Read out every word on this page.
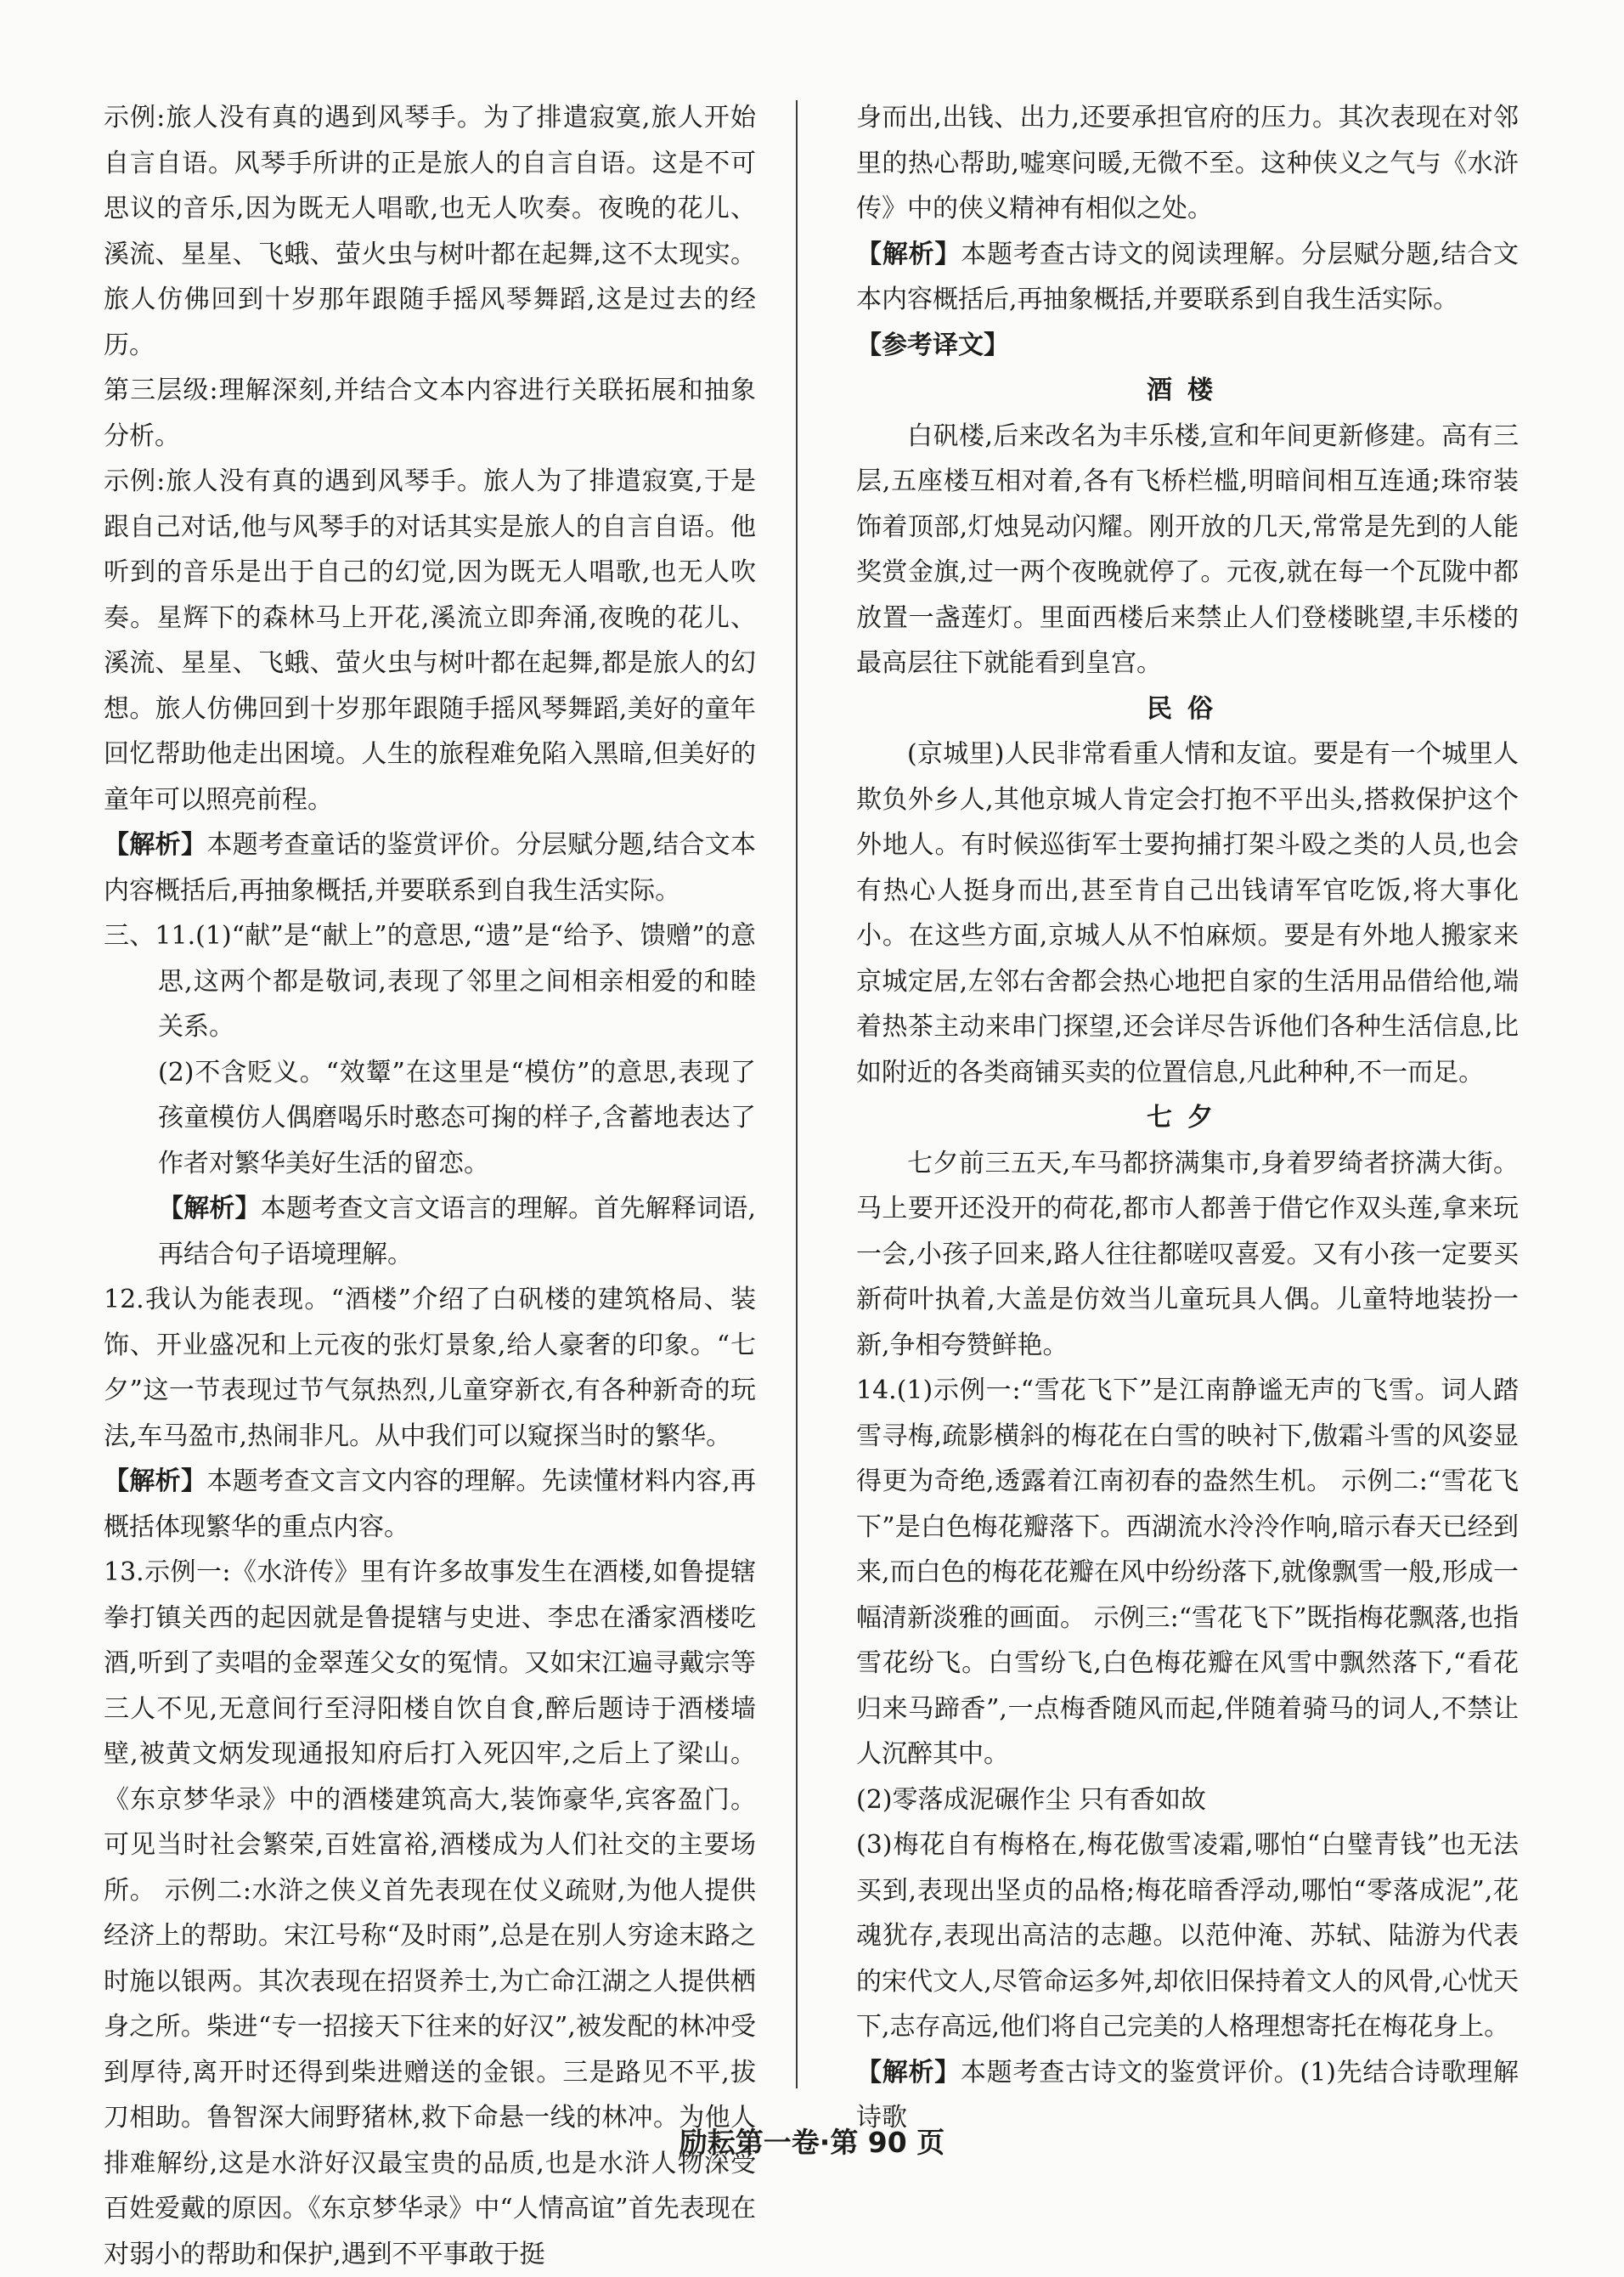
示例:旅人没有真的遇到风琴手。为了排遣寂寞,旅人开始自言自语。风琴手所讲的正是旅人的自言自语。这是不可思议的音乐,因为既无人唱歌,也无人吹奏。夜晚的花儿、溪流、星星、飞蛾、萤火虫与树叶都在起舞,这不太现实。旅人仿佛回到十岁那年跟随手摇风琴舞蹈,这是过去的经历。

第三层级:理解深刻,并结合文本内容进行关联拓展和抽象分析。

示例:旅人没有真的遇到风琴手。旅人为了排遣寂寞,于是跟自己对话,他与风琴手的对话其实是旅人的自言自语。他听到的音乐是出于自己的幻觉,因为既无人唱歌,也无人吹奏。星辉下的森林马上开花,溪流立即奔涌,夜晚的花儿、溪流、星星、飞蛾、萤火虫与树叶都在起舞,都是旅人的幻想。旅人仿佛回到十岁那年跟随手摇风琴舞蹈,美好的童年回忆帮助他走出困境。人生的旅程难免陷入黑暗,但美好的童年可以照亮前程。

【解析】本题考查童话的鉴赏评价。分层赋分题,结合文本内容概括后,再抽象概括,并要联系到自我生活实际。

三、11.(1)“献”是“献上”的意思,“遗”是“给予、馈赠”的意思,这两个都是敬词,表现了邻里之间相亲相爱的和睦关系。

(2)不含贬义。“效颦”在这里是“模仿”的意思,表现了孩童模仿人偶磨喝乐时憨态可掬的样子,含蓄地表达了作者对繁华美好生活的留恋。

【解析】本题考查文言文语言的理解。首先解释词语,再结合句子语境理解。

12.我认为能表现。“酒楼”介绍了白矾楼的建筑格局、装饰、开业盛况和上元夜的张灯景象,给人豪奢的印象。“七夕”这一节表现过节气氛热烈,儿童穿新衣,有各种新奇的玩法,车马盈市,热闹非凡。从中我们可以窥探当时的繁华。

【解析】本题考查文言文内容的理解。先读懂材料内容,再概括体现繁华的重点内容。

13.示例一:《水浒传》里有许多故事发生在酒楼,如鲁提辖拳打镇关西的起因就是鲁提辖与史进、李忠在潘家酒楼吃酒,听到了卖唱的金翠莲父女的冤情。又如宋江遍寻戴宗等三人不见,无意间行至浔阳楼自饮自食,醉后题诗于酒楼墙壁,被黄文炳发现通报知府后打入死囚牢,之后上了梁山。《东京梦华录》中的酒楼建筑高大,装饰豪华,宾客盈门。可见当时社会繁荣,百姓富裕,酒楼成为人们社交的主要场所。 示例二:水浒之侠义首先表现在仗义疏财,为他人提供经济上的帮助。宋江号称“及时雨”,总是在别人穷途末路之时施以银两。其次表现在招贤养士,为亡命江湖之人提供栖身之所。柴进“专一招接天下往来的好汉”,被发配的林冲受到厚待,离开时还得到柴进赠送的金银。三是路见不平,拔刀相助。鲁智深大闹野猪林,救下命悬一线的林冲。为他人排难解纷,这是水浒好汉最宝贵的品质,也是水浒人物深受百姓爱戴的原因。《东京梦华录》中“人情高谊”首先表现在对弱小的帮助和保护,遇到不平事敢于挺

身而出,出钱、出力,还要承担官府的压力。其次表现在对邻里的热心帮助,嘘寒问暖,无微不至。这种侠义之气与《水浒传》中的侠义精神有相似之处。

【解析】本题考查古诗文的阅读理解。分层赋分题,结合文本内容概括后,再抽象概括,并要联系到自我生活实际。

【参考译文】

酒楼

白矾楼,后来改名为丰乐楼,宣和年间更新修建。高有三层,五座楼互相对着,各有飞桥栏槛,明暗间相互连通;珠帘装饰着顶部,灯烛晃动闪耀。刚开放的几天,常常是先到的人能奖赏金旗,过一两个夜晚就停了。元夜,就在每一个瓦陇中都放置一盏莲灯。里面西楼后来禁止人们登楼眺望,丰乐楼的最高层往下就能看到皇宫。

民俗

(京城里)人民非常看重人情和友谊。要是有一个城里人欺负外乡人,其他京城人肯定会打抱不平出头,搭救保护这个外地人。有时候巡街军士要拘捕打架斗殴之类的人员,也会有热心人挺身而出,甚至肯自己出钱请军官吃饭,将大事化小。在这些方面,京城人从不怕麻烦。要是有外地人搬家来京城定居,左邻右舍都会热心地把自家的生活用品借给他,端着热茶主动来串门探望,还会详尽告诉他们各种生活信息,比如附近的各类商铺买卖的位置信息,凡此种种,不一而足。

七夕

七夕前三五天,车马都挤满集市,身着罗绮者挤满大街。马上要开还没开的荷花,都市人都善于借它作双头莲,拿来玩一会,小孩子回来,路人往往都嗟叹喜爱。又有小孩一定要买新荷叶执着,大盖是仿效当儿童玩具人偶。儿童特地装扮一新,争相夸赞鲜艳。

14.(1)示例一:“雪花飞下”是江南静谧无声的飞雪。词人踏雪寻梅,疏影横斜的梅花在白雪的映衬下,傲霜斗雪的风姿显得更为奇绝,透露着江南初春的盎然生机。 示例二:“雪花飞下”是白色梅花瓣落下。西湖流水泠泠作响,暗示春天已经到来,而白色的梅花花瓣在风中纷纷落下,就像飘雪一般,形成一幅清新淡雅的画面。 示例三:“雪花飞下”既指梅花飘落,也指雪花纷飞。白雪纷飞,白色梅花瓣在风雪中飘然落下,“看花归来马蹄香”,一点梅香随风而起,伴随着骑马的词人,不禁让人沉醉其中。

(2)零落成泥碾作尘 只有香如故

(3)梅花自有梅格在,梅花傲雪凌霜,哪怕“白璧青钱”也无法买到,表现出坚贞的品格;梅花暗香浮动,哪怕“零落成泥”,花魂犹存,表现出高洁的志趣。以范仲淹、苏轼、陆游为代表的宋代文人,尽管命运多舛,却依旧保持着文人的风骨,心忧天下,志存高远,他们将自己完美的人格理想寄托在梅花身上。

【解析】本题考查古诗文的鉴赏评价。(1)先结合诗歌理解诗歌

励耘第一卷·第 90 页
